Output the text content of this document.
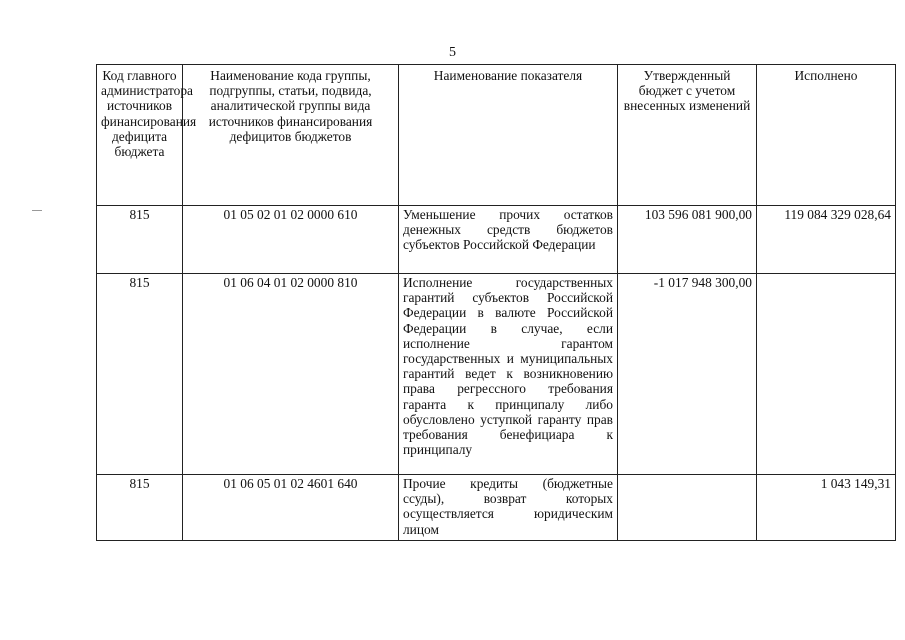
5
Код главного администратора источников финансирования дефицита бюджета	Наименование кода группы, подгруппы, статьи, подвида, аналитической группы вида источников финансирования дефицитов бюджетов	Наименование показателя	Утвержденный бюджет с учетом внесенных изменений	Исполнено
815	01 05 02 01 02 0000 610	Уменьшение прочих остатков денежных средств бюджетов субъектов Российской Федерации	103 596 081 900,00	119 084 329 028,64
815	01 06 04 01 02 0000 810	Исполнение государственных гарантий субъектов Российской Федерации в валюте Российской Федерации в случае, если исполнение гарантом государственных и муниципальных гарантий ведет к возникновению права регрессного требования гаранта к принципалу либо обусловлено уступкой гаранту прав требования бенефициара к принципалу	-1 017 948 300,00	
815	01 06 05 01 02 4601 640	Прочие кредиты (бюджетные ссуды), возврат которых осуществляется юридическим лицом		1 043 149,31
